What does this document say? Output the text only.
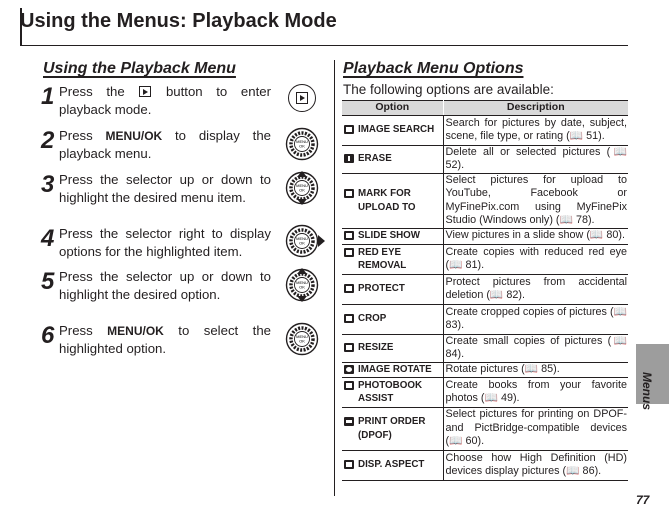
Using the Menus: Playback Mode
Using the Playback Menu
1 Press the	button to enter playback mode.
2 Press MENU/OK to display the playback menu.
3 Press the selector up or down to highlight the desired menu item.
4 Press the selector right to display options for the highlighted item.
5 Press the selector up or down to highlight the desired option.
6 Press MENU/OK to select the highlighted option.
MENU
OK
MENU
OK
MENU
OK
MENU
OK
MENU
OK
Playback Menu Options
The following options are available:
Option	Description

IMAGE SEARCH	Search for pictures by date, subject, scene, file type, or rating (📖 51).

ERASE	Delete all or selected pictures (📖 52).

MARK FOR UPLOAD TO	Select pictures for upload to YouTube, Facebook or MyFinePix.com using MyFinePix Studio (Windows only) (📖 78).

SLIDE SHOW	View pictures in a slide show (📖 80).

RED EYE REMOVAL	Create copies with reduced red eye (📖 81).

PROTECT	Protect pictures from accidental deletion (📖 82).

CROP	Create cropped copies of pictures (📖 83).

RESIZE	Create small copies of pictures (📖 84).

IMAGE ROTATE	Rotate pictures (📖 85).

PHOTOBOOK ASSIST	Create books from your favorite photos (📖 49).

PRINT ORDER (DPOF)	Select pictures for printing on DPOF- and PictBridge-compatible devices (📖 60).

DISP. ASPECT	Choose how High Definition (HD) devices display pictures (📖 86).
Menus
77
